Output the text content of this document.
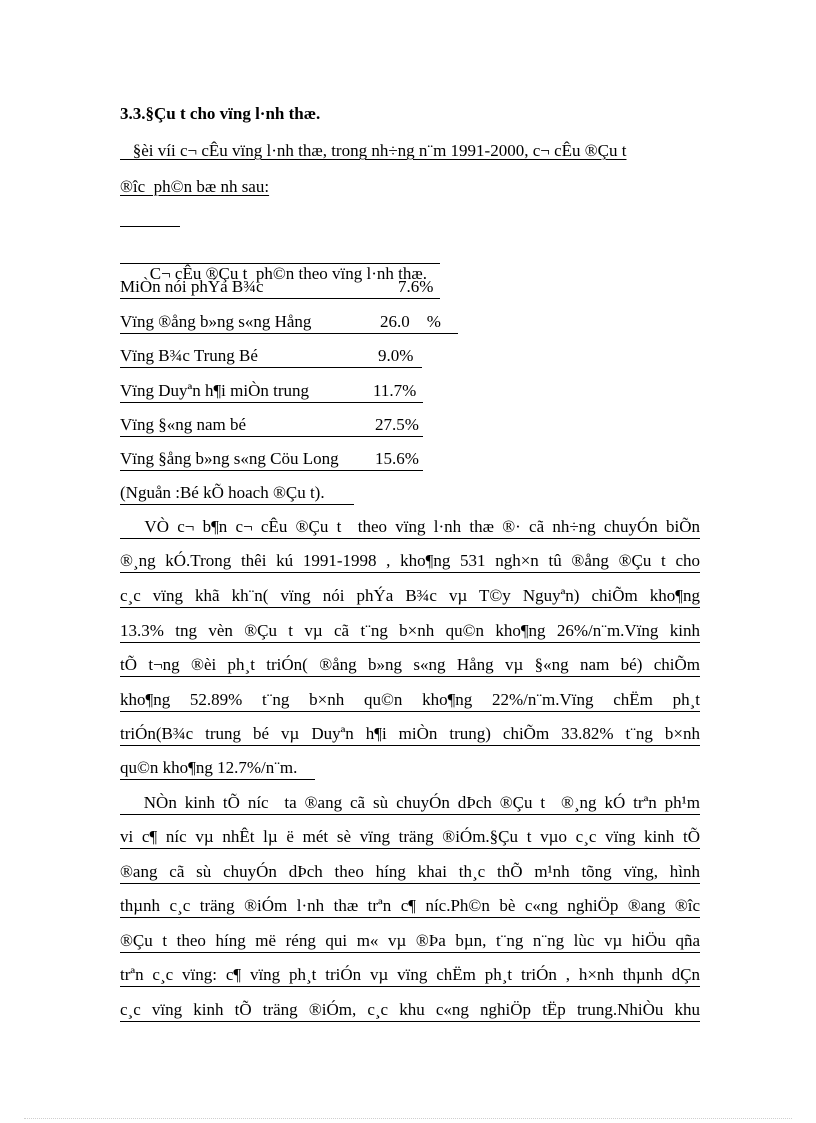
3.3.§Çu t cho vïng l·nh thæ.
§èi víi c¬ cÊu vïng l·nh thæ, trong nh÷ng n¨m 1991-2000, c¬ cÊu ®Çu t
®îc  ph©n bæ nh sau:

C¬ cÊu ®Çu t  ph©n theo vïng l·nh thæ.

MiÒn nói phÝa B¾c	7.6%
Vïng ®ång b»ng s«ng Hång	26.0    %
Vïng B¾c Trung Bé	9.0%
Vïng Duyªn h¶i miÒn trung	11.7%
Vïng §«ng nam bé	27.5%
Vïng §ång b»ng s«ng Cöu Long 15.6%
(Nguån :Bé kÕ hoach ®Çu t).
VÒ c¬ b¶n c¬ cÊu ®Çu t  theo vïng l·nh thæ ®· cã nh÷ng chuyÓn biÕn
®¸ng kÓ.Trong thêi kú 1991-1998 , kho¶ng 531 ngh×n tû ®ång ®Çu t cho
c¸c vïng khã kh¨n( vïng nói phÝa B¾c vµ T©y Nguyªn) chiÕm kho¶ng
13.3% tng vèn ®Çu t vµ cã t¨ng b×nh qu©n kho¶ng 26%/n¨m.Vïng kinh
tÕ t¬ng ®èi ph¸t triÓn( ®ång b»ng s«ng Hång vµ §«ng nam bé) chiÕm
kho¶ng 52.89% t¨ng b×nh qu©n kho¶ng 22%/n¨m.Vïng chËm ph¸t
triÓn(B¾c trung bé vµ Duyªn h¶i miÒn trung) chiÕm 33.82% t¨ng b×nh
qu©n kho¶ng 12.7%/n¨m.
NÒn kinh tÕ níc  ta ®ang cã sù chuyÓn dÞch ®Çu t  ®¸ng kÓ trªn ph¹m
vi c¶ níc vµ nhÊt lµ ë mét sè vïng träng ®iÓm.§Çu t vµo c¸c vïng kinh tÕ
®ang cã sù chuyÓn dÞch theo híng khai th¸c thÕ m¹nh tõng vïng, hình
thµnh c¸c träng ®iÓm l·nh thæ trªn c¶ níc.Ph©n bè c«ng nghiÖp ®ang ®îc
®Çu t theo híng më réng qui m« vµ ®Þa bµn, t¨ng n¨ng lùc vµ hiÖu qña
trªn c¸c vïng: c¶ vïng ph¸t triÓn vµ vïng chËm ph¸t triÓn , h×nh thµnh dÇn
c¸c vïng kinh tÕ träng ®iÓm, c¸c khu c«ng nghiÖp tËp trung.NhiÒu khu
